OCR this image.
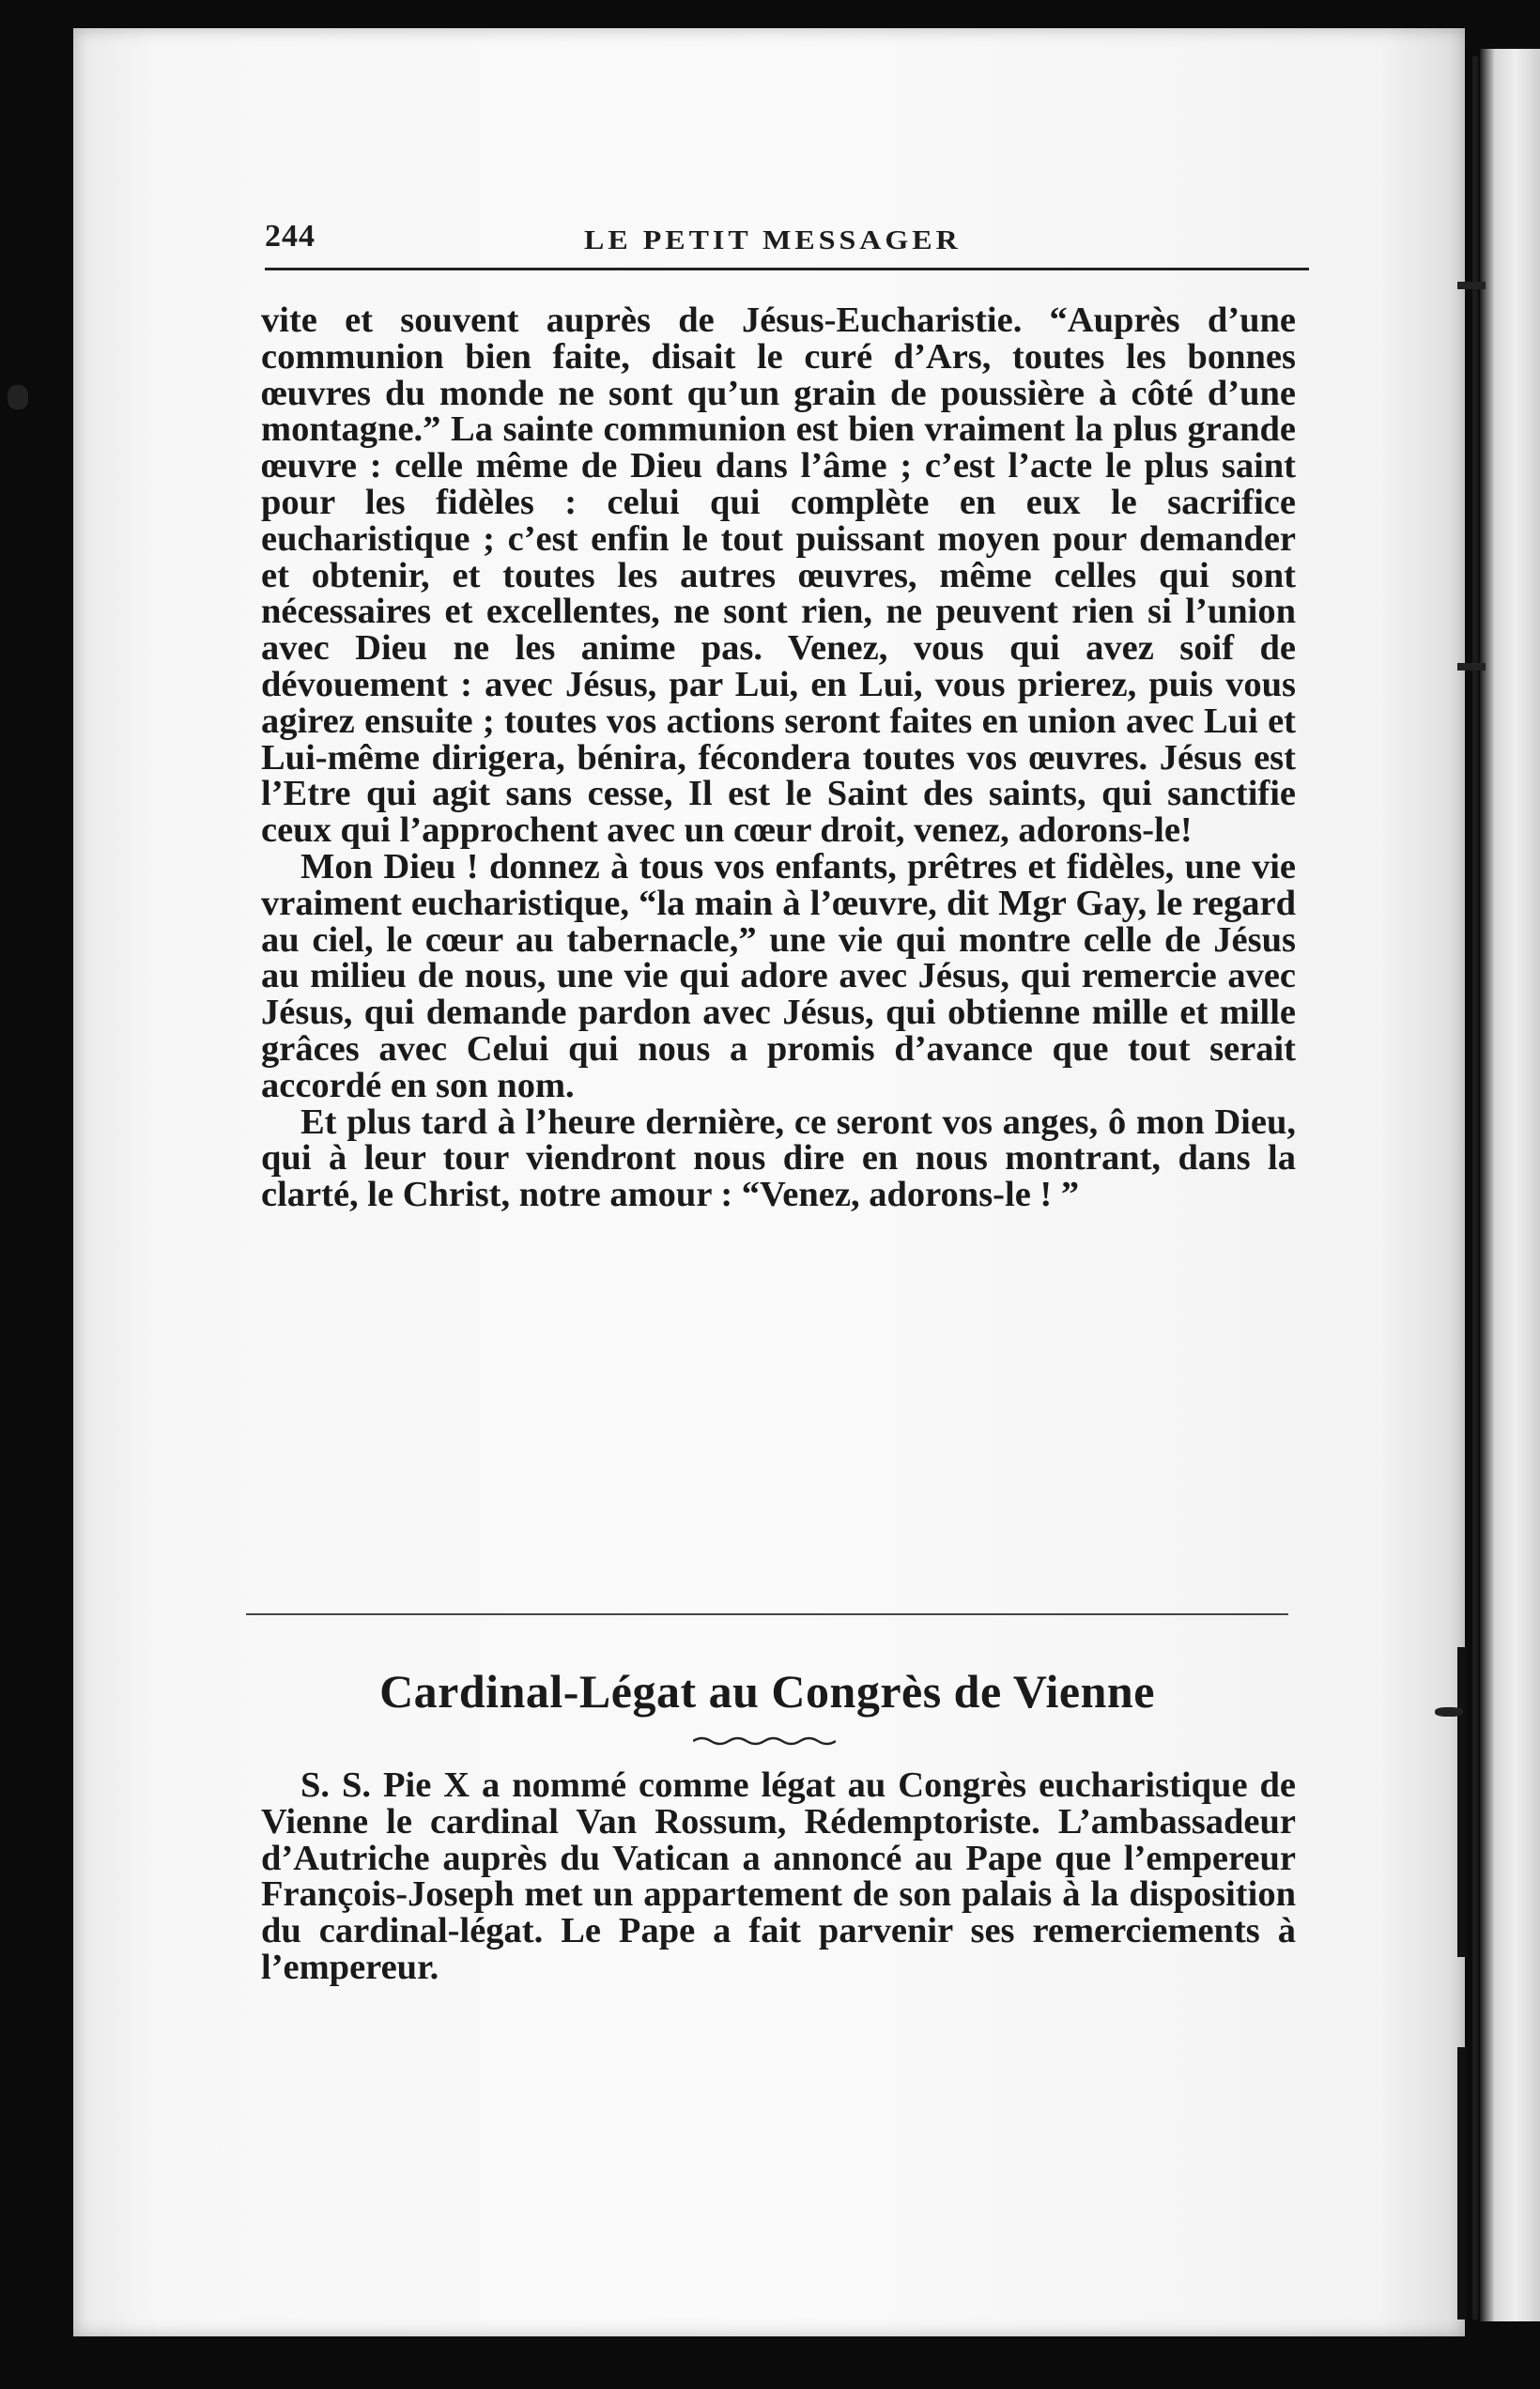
244	LE PETIT MESSAGER

vite et souvent auprès de Jésus-Eucharistie. “Auprès d’une communion bien faite, disait le curé d’Ars, toutes les bonnes œuvres du monde ne sont qu’un grain de poussière à côté d’une montagne.” La sainte communion est bien vraiment la plus grande œuvre : celle même de Dieu dans l’âme ; c’est l’acte le plus saint pour les fidèles : celui qui complète en eux le sacrifice eucharistique ; c’est enfin le tout puissant moyen pour demander et obtenir, et toutes les autres œuvres, même celles qui sont nécessaires et excellentes, ne sont rien, ne peuvent rien si l’union avec Dieu ne les anime pas. Venez, vous qui avez soif de dévouement : avec Jésus, par Lui, en Lui, vous prierez, puis vous agirez ensuite ; toutes vos actions seront faites en union avec Lui et Lui-même dirigera, bénira, fécondera toutes vos œuvres. Jésus est l’Etre qui agit sans cesse, Il est le Saint des saints, qui sanctifie ceux qui l’approchent avec un cœur droit, venez, adorons-le!

Mon Dieu ! donnez à tous vos enfants, prêtres et fidèles, une vie vraiment eucharistique, “la main à l’œuvre, dit Mgr Gay, le regard au ciel, le cœur au tabernacle,” une vie qui montre celle de Jésus au milieu de nous, une vie qui adore avec Jésus, qui remercie avec Jésus, qui demande pardon avec Jésus, qui obtienne mille et mille grâces avec Celui qui nous a promis d’avance que tout serait accordé en son nom.

Et plus tard à l’heure dernière, ce seront vos anges, ô mon Dieu, qui à leur tour viendront nous dire en nous montrant, dans la clarté, le Christ, notre amour : “Venez, adorons-le ! ”

Cardinal-Légat au Congrès de Vienne

S. S. Pie X a nommé comme légat au Congrès eucharistique de Vienne le cardinal Van Rossum, Rédemptoriste. L’ambassadeur d’Autriche auprès du Vatican a annoncé au Pape que l’empereur François-Joseph met un appartement de son palais à la disposition du cardinal-légat. Le Pape a fait parvenir ses remerciements à l’empereur.
